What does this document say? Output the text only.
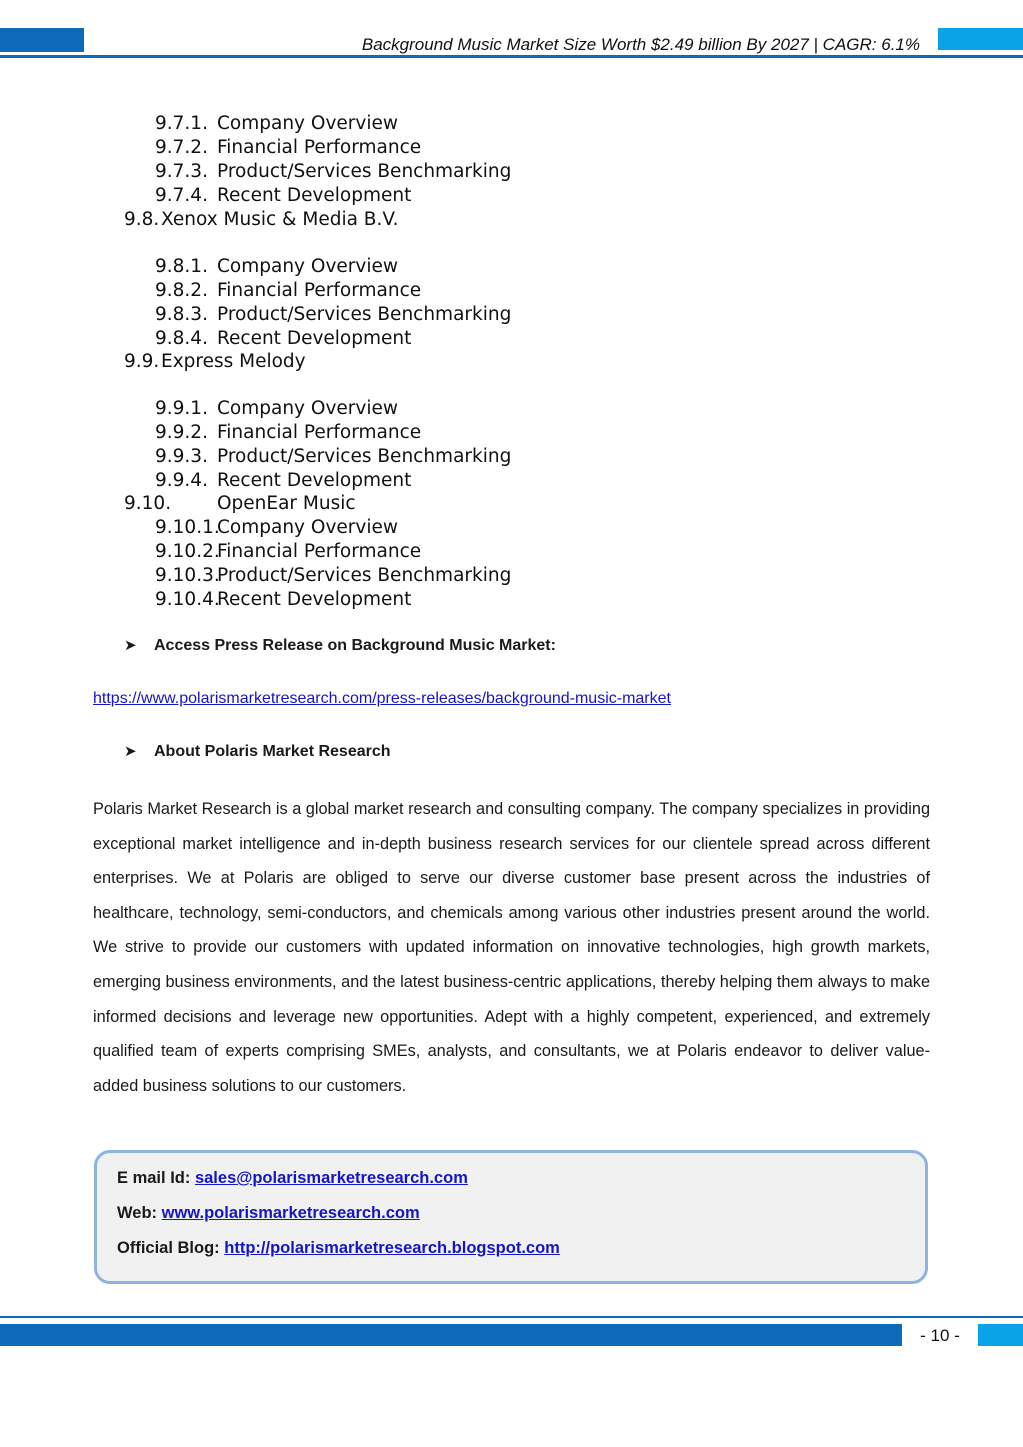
Background Music Market Size Worth $2.49 billion By 2027 | CAGR: 6.1%
9.7.1. Company Overview
9.7.2. Financial Performance
9.7.3. Product/Services Benchmarking
9.7.4. Recent Development
9.8. Xenox Music & Media B.V.
9.8.1. Company Overview
9.8.2. Financial Performance
9.8.3. Product/Services Benchmarking
9.8.4. Recent Development
9.9. Express Melody
9.9.1. Company Overview
9.9.2. Financial Performance
9.9.3. Product/Services Benchmarking
9.9.4. Recent Development
9.10. OpenEar Music
9.10.1.
Company Overview
9.10.2.
Financial Performance
9.10.3.
Product/Services Benchmarking
9.10.4.
Recent Development
➤ Access Press Release on Background Music Market:
https://www.polarismarketresearch.com/press-releases/background-music-market
➤ About Polaris Market Research
Polaris Market Research is a global market research and consulting company. The company specializes in providing exceptional market intelligence and in-depth business research services for our clientele spread across different enterprises. We at Polaris are obliged to serve our diverse customer base present across the industries of healthcare, technology, semi-conductors, and chemicals among various other industries present around the world. We strive to provide our customers with updated information on innovative technologies, high growth markets, emerging business environments, and the latest business-centric applications, thereby helping them always to make informed decisions and leverage new opportunities. Adept with a highly competent, experienced, and extremely qualified team of experts comprising SMEs, analysts, and consultants, we at Polaris endeavor to deliver value-added business solutions to our customers.
E mail Id: sales@polarismarketresearch.com
Web: www.polarismarketresearch.com
Official Blog: http://polarismarketresearch.blogspot.com
- 10 -
